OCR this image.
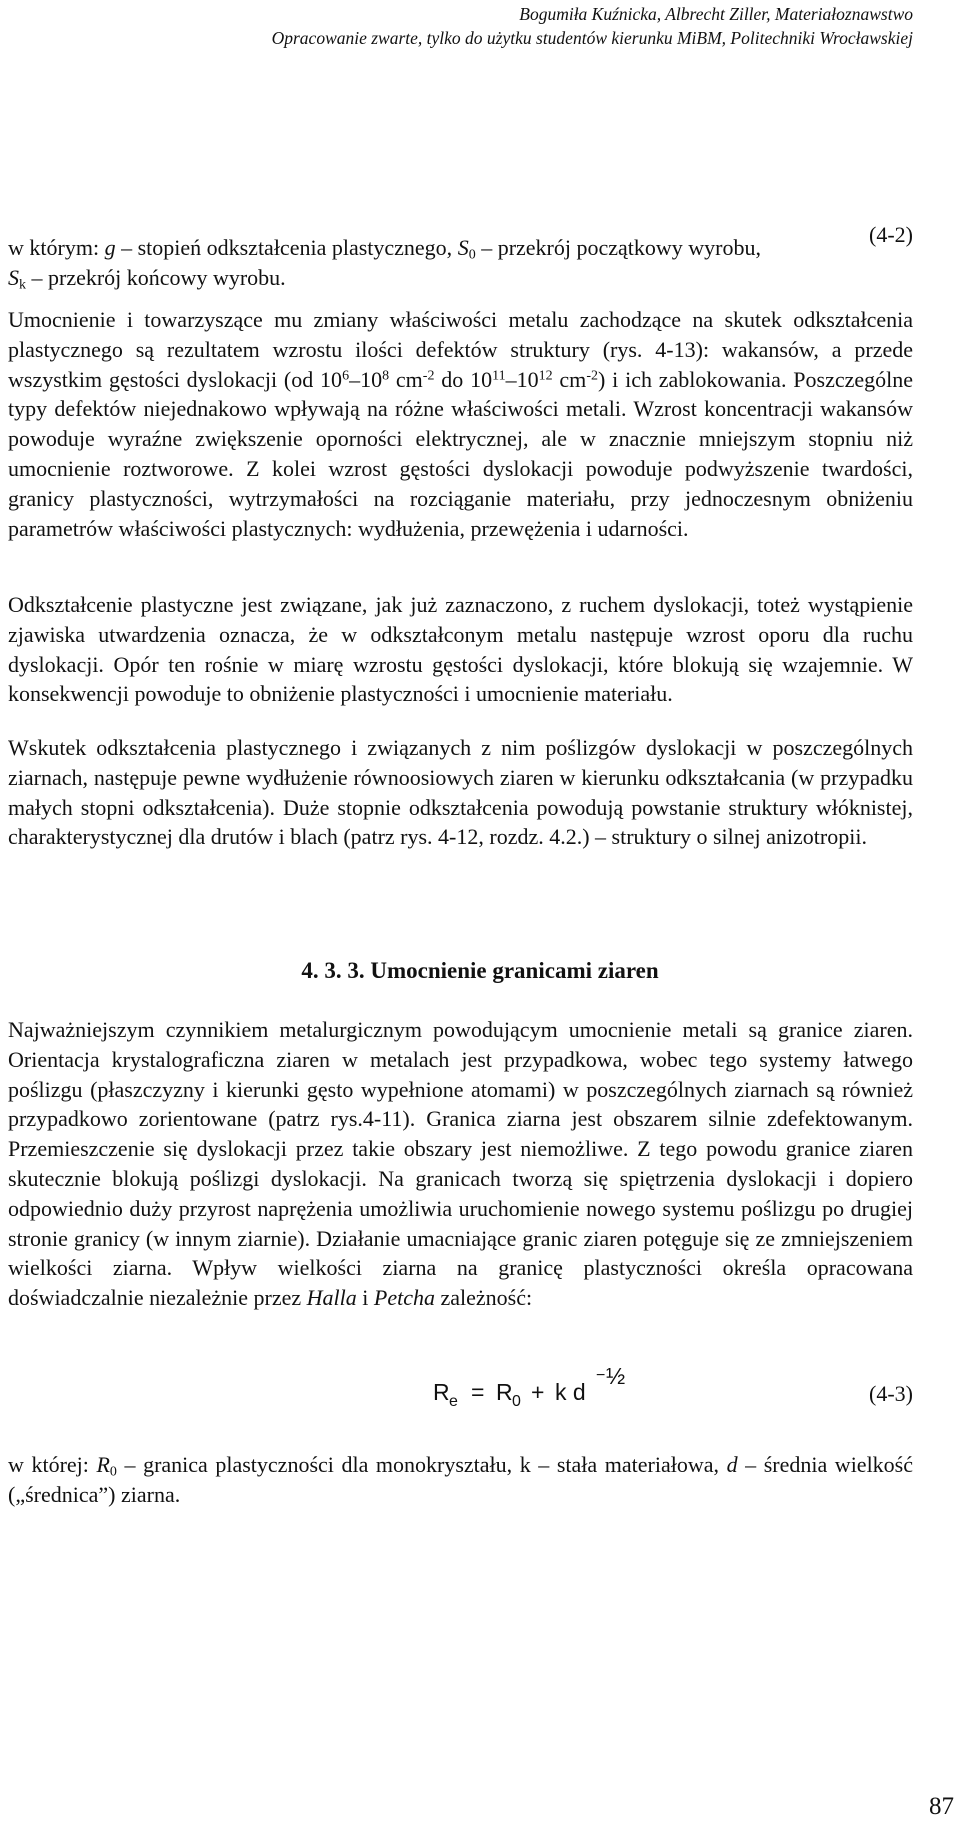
Bogumiła Kuźnicka, Albrecht Ziller, Materiałoznawstwo
Opracowanie zwarte, tylko do użytku studentów kierunku MiBM, Politechniki Wrocławskiej
(4-2)

w którym: g – stopień odkształcenia plastycznego, $S_0$ – przekrój początkowy wyrobu,
$S_k$ – przekrój końcowy wyrobu.

Umocnienie i towarzyszące mu zmiany właściwości metalu zachodzące na skutek odkształcenia plastycznego są rezultatem wzrostu ilości defektów struktury (rys. 4-13): wakansów, a przede wszystkim gęstości dyslokacji (od $10^6-10^8$ $cm^{-2}$ do $10^{11}-10^{12}$ $cm^{-2}$) i ich zablokowania. Poszczególne typy defektów niejednakowo wpływają na różne właściwości metali. Wzrost koncentracji wakansów powoduje wyraźne zwiększenie oporności elektrycznej, ale w znacznie mniejszym stopniu niż umocnienie roztworowe. Z kolei wzrost gęstości dyslokacji powoduje podwyższenie twardości, granicy plastyczności, wytrzymałości na rozciąganie materiału, przy jednoczesnym obniżeniu parametrów właściwości plastycznych: wydłużenia, przewężenia i udarności.

Odkształcenie plastyczne jest związane, jak już zaznaczono, z ruchem dyslokacji, toteż wystąpienie zjawiska utwardzenia oznacza, że w odkształconym metalu następuje wzrost oporu dla ruchu dyslokacji. Opór ten rośnie w miarę wzrostu gęstości dyslokacji, które blokują się wzajemnie. W konsekwencji powoduje to obniżenie plastyczności i umocnienie materiału.

Wskutek odkształcenia plastycznego i związanych z nim poślizgów dyslokacji w poszczególnych ziarnach, następuje pewne wydłużenie równoosiowych ziaren w kierunku odkształcania (w przypadku małych stopni odkształcenia). Duże stopnie odkształcenia powodują powstanie struktury włóknistej, charakterystycznej dla drutów i blach (patrz rys. 4-12, rozdz. 4.2.) – struktury o silnej anizotropii.

4. 3. 3. Umocnienie granicami ziaren

Najważniejszym czynnikiem metalurgicznym powodującym umocnienie metali są granice ziaren. Orientacja krystalograficzna ziaren w metalach jest przypadkowa, wobec tego systemy łatwego poślizgu (płaszczyzny i kierunki gęsto wypełnione atomami) w poszczególnych ziarnach są również przypadkowo zorientowane (patrz rys.4-11). Granica ziarna jest obszarem silnie zdefektowanym. Przemieszczenie się dyslokacji przez takie obszary jest niemożliwe. Z tego powodu granice ziaren skutecznie blokują poślizgi dyslokacji. Na granicach tworzą się spiętrzenia dyslokacji i dopiero odpowiednio duży przyrost naprężenia umożliwia uruchomienie nowego systemu poślizgu po drugiej stronie granicy (w innym ziarnie). Działanie umacniające granic ziaren potęguje się ze zmniejszeniem wielkości ziarna. Wpływ wielkości ziarna na granicę plastyczności określa opracowana doświadczalnie niezależnie przez Halla i Petcha zależność:

R e = R 0 + k d
− ½
(4-3)

w której: $R_0$ – granica plastyczności dla monokryształu, k – stała materiałowa, d – średnia wielkość („średnica”) ziarna.

87
